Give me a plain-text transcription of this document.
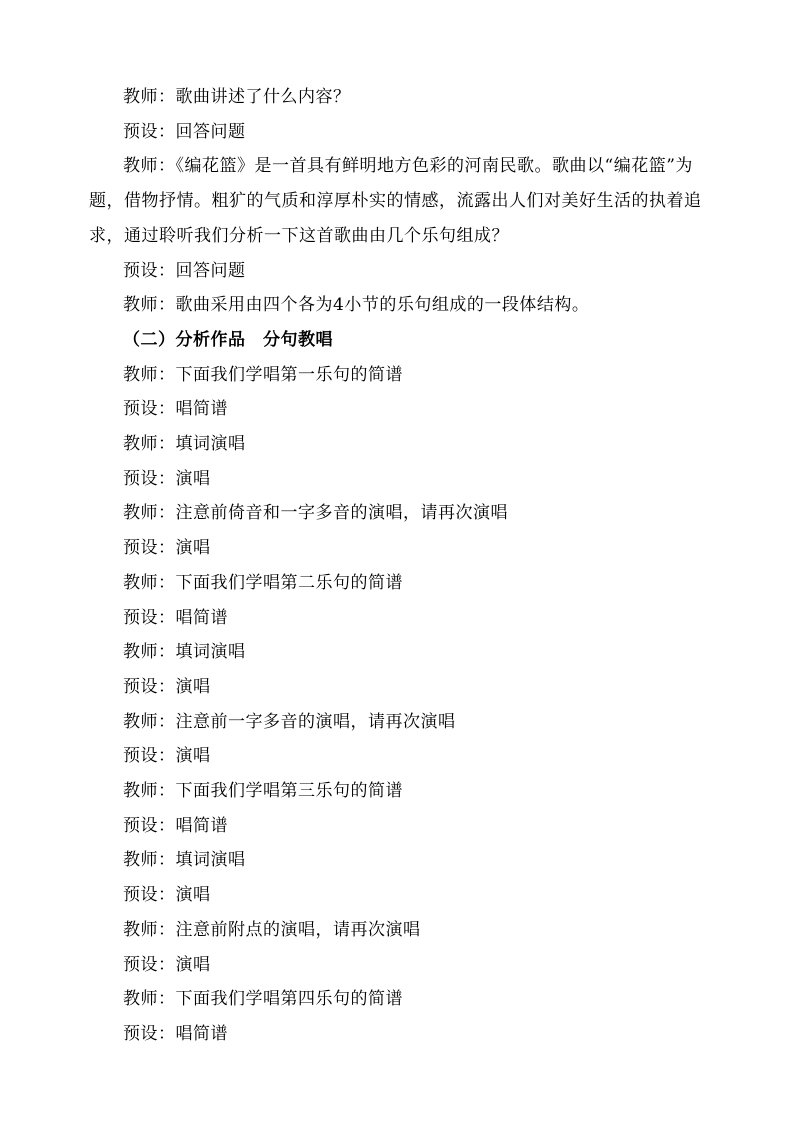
教师：歌曲讲述了什么内容？

预设：回答问题

教师：《编花篮》是一首具有鲜明地方色彩的河南民歌。歌曲以“编花篮”为题，借物抒情。粗犷的气质和淳厚朴实的情感，流露出人们对美好生活的执着追求，通过聆听我们分析一下这首歌曲由几个乐句组成？

预设：回答问题

教师：歌曲采用由四个各为4小节的乐句组成的一段体结构。

（二）分析作品　分句教唱

教师：下面我们学唱第一乐句的简谱

预设：唱简谱

教师：填词演唱

预设：演唱

教师：注意前倚音和一字多音的演唱，请再次演唱

预设：演唱

教师：下面我们学唱第二乐句的简谱

预设：唱简谱

教师：填词演唱

预设：演唱

教师：注意前一字多音的演唱，请再次演唱

预设：演唱

教师：下面我们学唱第三乐句的简谱

预设：唱简谱

教师：填词演唱

预设：演唱

教师：注意前附点的演唱，请再次演唱

预设：演唱

教师：下面我们学唱第四乐句的简谱

预设：唱简谱
